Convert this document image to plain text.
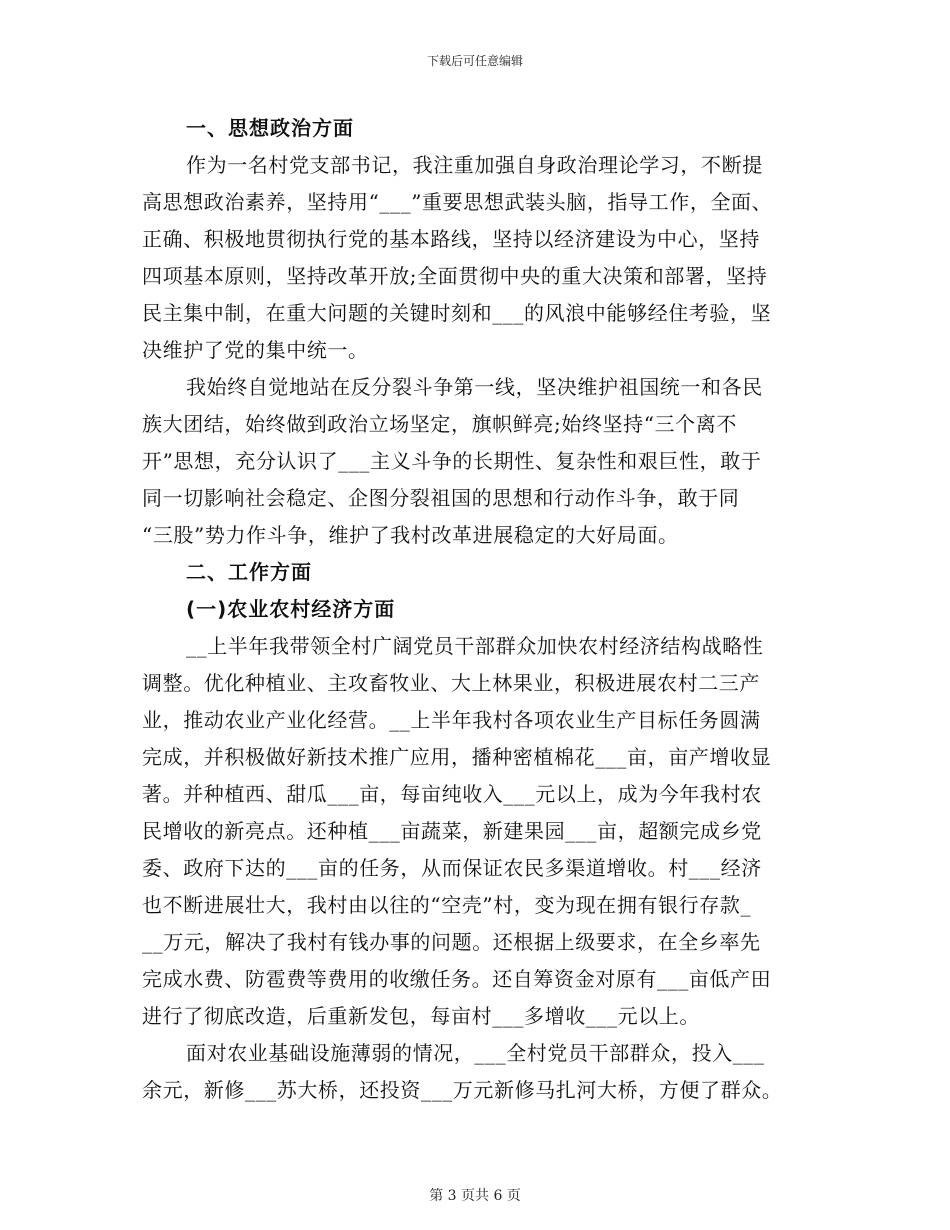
下载后可任意编辑
一、思想政治方面
作为一名村党支部书记，我注重加强自身政治理论学习，不断提
高思想政治素养，坚持用“___”重要思想武装头脑，指导工作，全面、
正确、积极地贯彻执行党的基本路线，坚持以经济建设为中心，坚持
四项基本原则，坚持改革开放;全面贯彻中央的重大决策和部署，坚持
民主集中制，在重大问题的关键时刻和___的风浪中能够经住考验，坚
决维护了党的集中统一。
我始终自觉地站在反分裂斗争第一线，坚决维护祖国统一和各民
族大团结，始终做到政治立场坚定，旗帜鲜亮;始终坚持“三个离不
开”思想，充分认识了___主义斗争的长期性、复杂性和艰巨性，敢于
同一切影响社会稳定、企图分裂祖国的思想和行动作斗争，敢于同
“三股”势力作斗争，维护了我村改革进展稳定的大好局面。
二、工作方面
(一)农业农村经济方面
__上半年我带领全村广阔党员干部群众加快农村经济结构战略性
调整。优化种植业、主攻畜牧业、大上林果业，积极进展农村二三产
业，推动农业产业化经营。__上半年我村各项农业生产目标任务圆满
完成，并积极做好新技术推广应用，播种密植棉花___亩，亩产增收显
著。并种植西、甜瓜___亩，每亩纯收入___元以上，成为今年我村农
民增收的新亮点。还种植___亩蔬菜，新建果园___亩，超额完成乡党
委、政府下达的___亩的任务，从而保证农民多渠道增收。村___经济
也不断进展壮大，我村由以往的“空壳”村，变为现在拥有银行存款_
__万元，解决了我村有钱办事的问题。还根据上级要求，在全乡率先
完成水费、防雹费等费用的收缴任务。还自筹资金对原有___亩低产田
进行了彻底改造，后重新发包，每亩村___多增收___元以上。
面对农业基础设施薄弱的情况，___全村党员干部群众，投入___
余元，新修___苏大桥，还投资___万元新修马扎河大桥，方便了群众。
第 3 页共 6 页
